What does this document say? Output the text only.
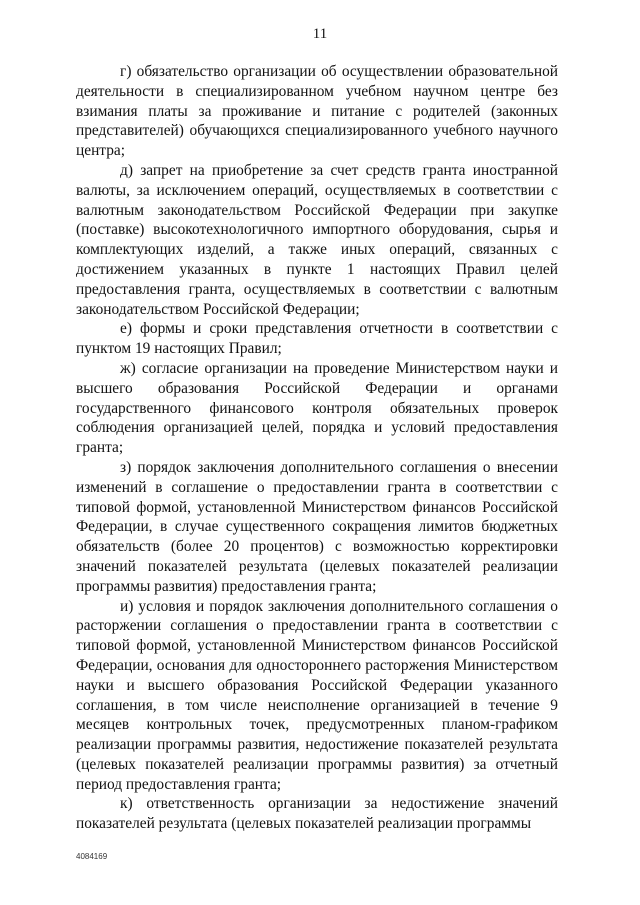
11

г) обязательство организации об осуществлении образовательной деятельности в специализированном учебном научном центре без взимания платы за проживание и питание с родителей (законных представителей) обучающихся специализированного учебного научного центра;

д) запрет на приобретение за счет средств гранта иностранной валюты, за исключением операций, осуществляемых в соответствии с валютным законодательством Российской Федерации при закупке (поставке) высокотехнологичного импортного оборудования, сырья и комплектующих изделий, а также иных операций, связанных с достижением указанных в пункте 1 настоящих Правил целей предоставления гранта, осуществляемых в соответствии с валютным законодательством Российской Федерации;

е) формы и сроки представления отчетности в соответствии с пунктом 19 настоящих Правил;

ж) согласие организации на проведение Министерством науки и высшего образования Российской Федерации и органами государственного финансового контроля обязательных проверок соблюдения организацией целей, порядка и условий предоставления гранта;

з) порядок заключения дополнительного соглашения о внесении изменений в соглашение о предоставлении гранта в соответствии с типовой формой, установленной Министерством финансов Российской Федерации, в случае существенного сокращения лимитов бюджетных обязательств (более 20 процентов) с возможностью корректировки значений показателей результата (целевых показателей реализации программы развития) предоставления гранта;

и) условия и порядок заключения дополнительного соглашения о расторжении соглашения о предоставлении гранта в соответствии с типовой формой, установленной Министерством финансов Российской Федерации, основания для одностороннего расторжения Министерством науки и высшего образования Российской Федерации указанного соглашения, в том числе неисполнение организацией в течение 9 месяцев контрольных точек, предусмотренных планом-графиком реализации программы развития, недостижение показателей результата (целевых показателей реализации программы развития) за отчетный период предоставления гранта;

к) ответственность организации за недостижение значений показателей результата (целевых показателей реализации программы

4084169
